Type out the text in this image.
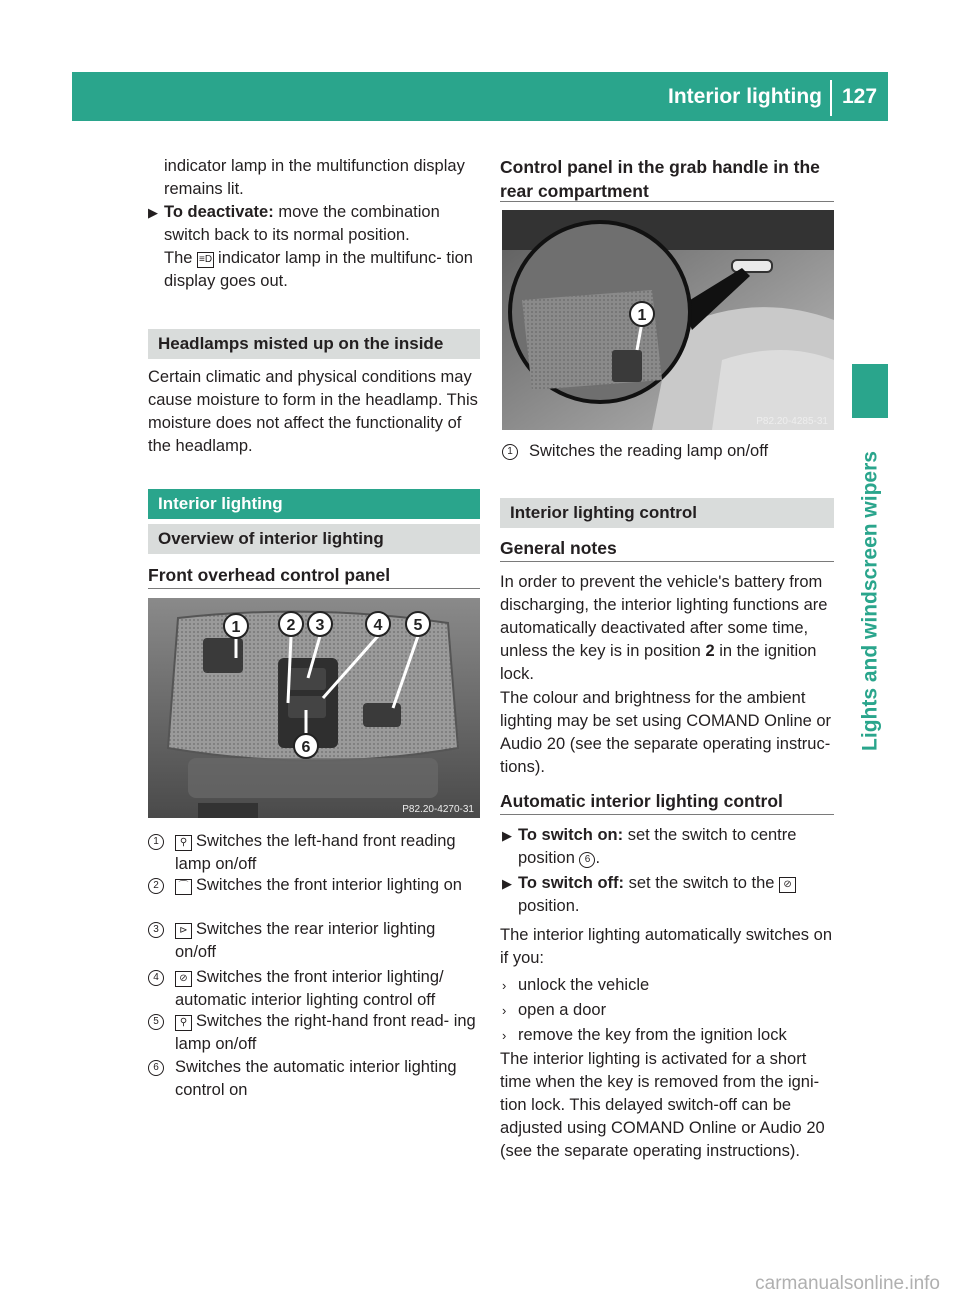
Interior lighting 127
Lights and windscreen wipers

indicator lamp in the multifunction display remains lit.

▶ To deactivate: move the combination switch back to its normal position.

The ≡D indicator lamp in the multifunc- tion display goes out.

Headlamps misted up on the inside

Certain climatic and physical conditions may cause moisture to form in the headlamp. This moisture does not affect the functionality of the headlamp.

Interior lighting
Overview of interior lighting
Front overhead control panel
1	2 3	4 5
6
P82.20-4270-31
1	⚲ Switches the left-hand front reading lamp on/off
2	⌒ Switches the front interior lighting on
3	⊳ Switches the rear interior lighting on/off
4	⊘ Switches the front interior lighting/ automatic interior lighting control off
5	⚲ Switches the right-hand front read- ing lamp on/off
6 Switches the automatic interior lighting control on
Control panel in the grab handle in the rear compartment
1
P82.20-4285-31
1 Switches the reading lamp on/off
Interior lighting control
General notes

In order to prevent the vehicle's battery from discharging, the interior lighting functions are automatically deactivated after some time, unless the key is in position 2 in the ignition lock.

The colour and brightness for the ambient lighting may be set using COMAND Online or Audio 20 (see the separate operating instruc- tions).

Automatic interior lighting control
▶ To switch on: set the switch to centre position 6 .

▶ To switch off: set the switch to the ⊘

position.

The interior lighting automatically switches on if you:

› unlock the vehicle
› open a door
› remove the key from the ignition lock

The interior lighting is activated for a short time when the key is removed from the igni- tion lock. This delayed switch-off can be adjusted using COMAND Online or Audio 20 (see the separate operating instructions).

carmanualsonline.info
